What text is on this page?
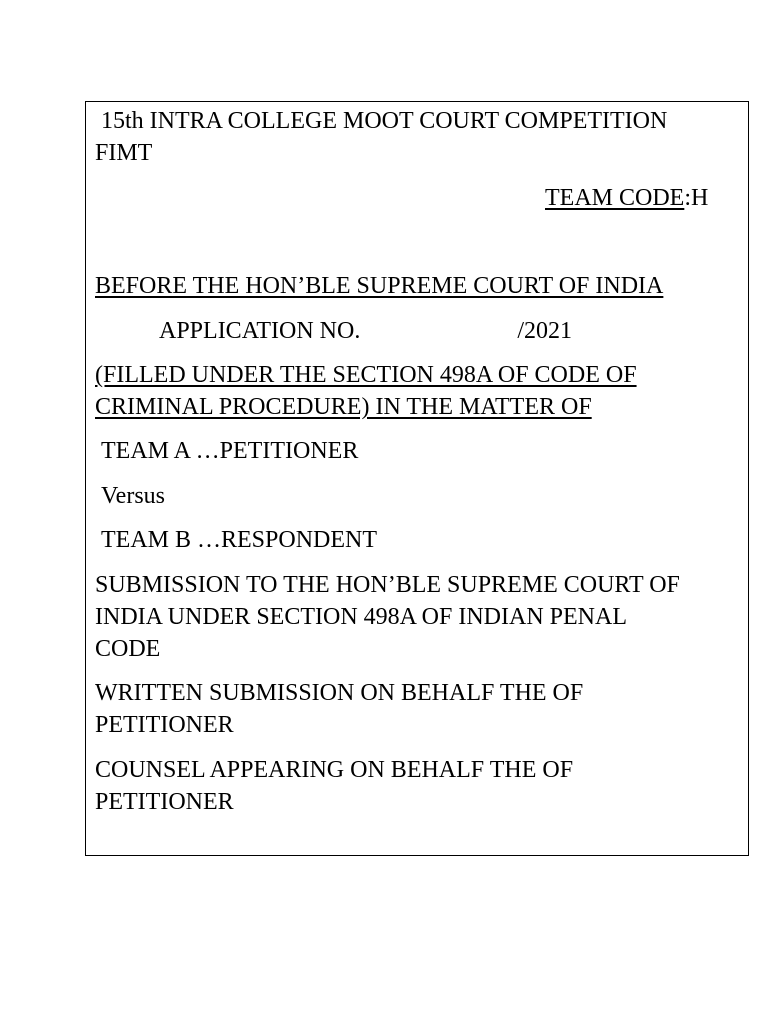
15th INTRA COLLEGE MOOT COURT COMPETITION

FIMT

TEAM CODE:H

BEFORE THE HON’BLE SUPREME COURT OF INDIA

APPLICATION NO.	/2021

(FILLED UNDER THE SECTION 498A OF CODE OF

CRIMINAL PROCEDURE) IN THE MATTER OF

TEAM A …PETITIONER

Versus

TEAM B …RESPONDENT

SUBMISSION TO THE HON’BLE SUPREME COURT OF

INDIA UNDER SECTION 498A OF INDIAN PENAL

CODE

WRITTEN SUBMISSION ON BEHALF THE OF

PETITIONER

COUNSEL APPEARING ON BEHALF THE OF

PETITIONER
